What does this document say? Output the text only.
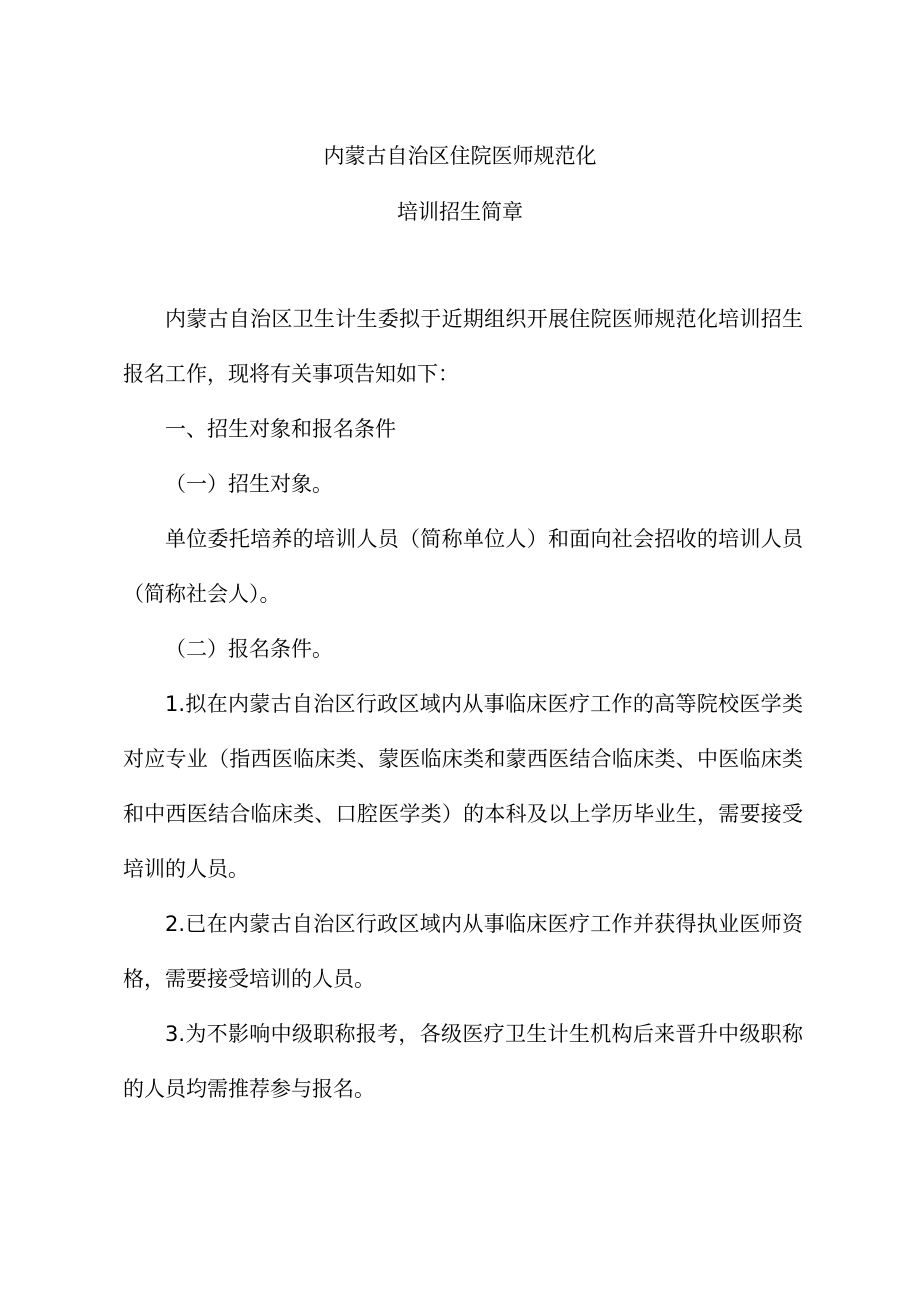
内蒙古自治区住院医师规范化
培训招生简章

内蒙古自治区卫生计生委拟于近期组织开展住院医师规范化培训招生报名工作，现将有关事项告知如下：

一、招生对象和报名条件

（一）招生对象。

单位委托培养的培训人员（简称单位人）和面向社会招收的培训人员（简称社会人）。

（二）报名条件。

1.拟在内蒙古自治区行政区域内从事临床医疗工作的高等院校医学类对应专业（指西医临床类、蒙医临床类和蒙西医结合临床类、中医临床类和中西医结合临床类、口腔医学类）的本科及以上学历毕业生，需要接受培训的人员。

2.已在内蒙古自治区行政区域内从事临床医疗工作并获得执业医师资格，需要接受培训的人员。

3.为不影响中级职称报考，各级医疗卫生计生机构后来晋升中级职称的人员均需推荐参与报名。
